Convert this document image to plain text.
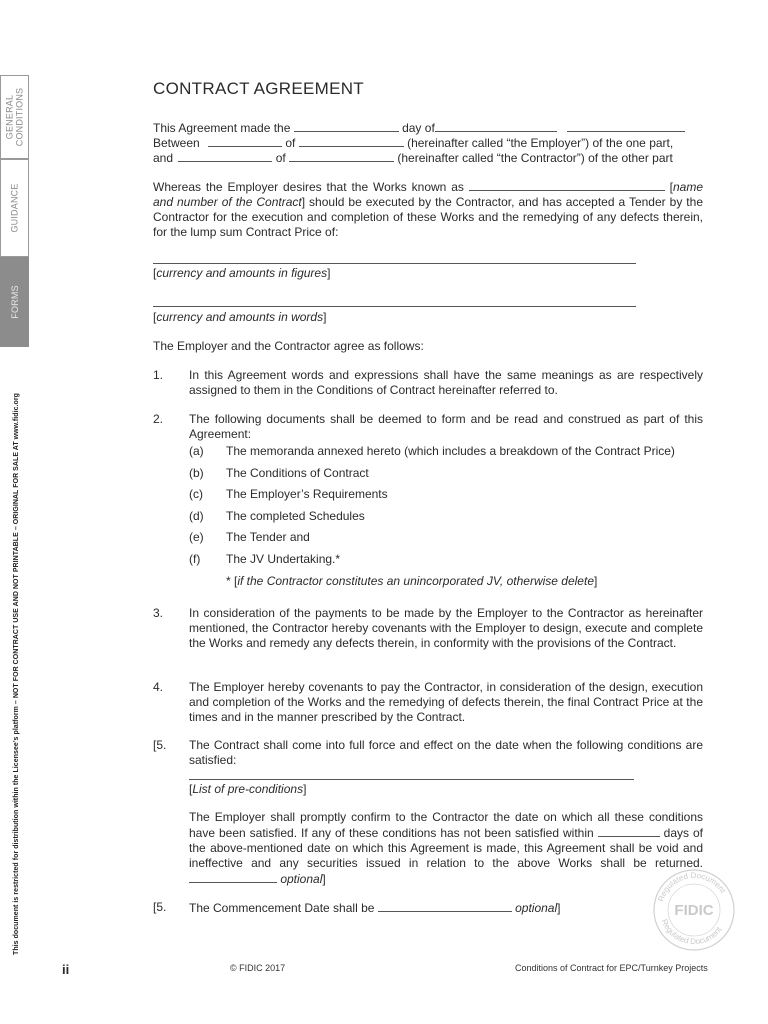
GENERAL CONDITIONS
GUIDANCE
FORMS
This document is restricted for distribution within the Licensee's platform – NOT FOR CONTRACT USE AND NOT PRINTABLE – ORIGINAL FOR SALE AT www.fidic.org
CONTRACT AGREEMENT
This Agreement made the	day of
Between	of	(hereinafter called “the Employer”) of the one part,
and	of	(hereinafter called “the Contractor”) of the other part
Whereas the Employer desires that the Works known as	[name and number of the Contract] should be executed by the Contractor, and has accepted a Tender by the Contractor for the execution and completion of these Works and the remedying of any defects therein, for the lump sum Contract Price of:
[currency and amounts in figures]
[currency and amounts in words]
The Employer and the Contractor agree as follows:
1. In this Agreement words and expressions shall have the same meanings as are respectively assigned to them in the Conditions of Contract hereinafter referred to.
2. The following documents shall be deemed to form and be read and construed as part of this Agreement:
(a) The memoranda annexed hereto (which includes a breakdown of the Contract Price)
(b) The Conditions of Contract
(c) The Employer’s Requirements
(d) The completed Schedules
(e) The Tender and
(f) The JV Undertaking.*
* [if the Contractor constitutes an unincorporated JV, otherwise delete]
3. In consideration of the payments to be made by the Employer to the Contractor as hereinafter mentioned, the Contractor hereby covenants with the Employer to design, execute and complete the Works and remedy any defects therein, in conformity with the provisions of the Contract.
4. The Employer hereby covenants to pay the Contractor, in consideration of the design, execution and completion of the Works and the remedying of defects therein, the final Contract Price at the times and in the manner prescribed by the Contract.
[5. The Contract shall come into full force and effect on the date when the following conditions are satisfied:
[List of pre-conditions]
The Employer shall promptly confirm to the Contractor the date on which all these conditions have been satisfied. If any of these conditions has not been satisfied within	days of the above-mentioned date on which this Agreement is made, this Agreement shall be void and ineffective and any securities issued in relation to the above Works shall be returned. optional]
[5. The Commencement Date shall be	optional]
Regulated Document
FIDIC
Regulated Document
ii	© FIDIC 2017	Conditions of Contract for EPC/Turnkey Projects
